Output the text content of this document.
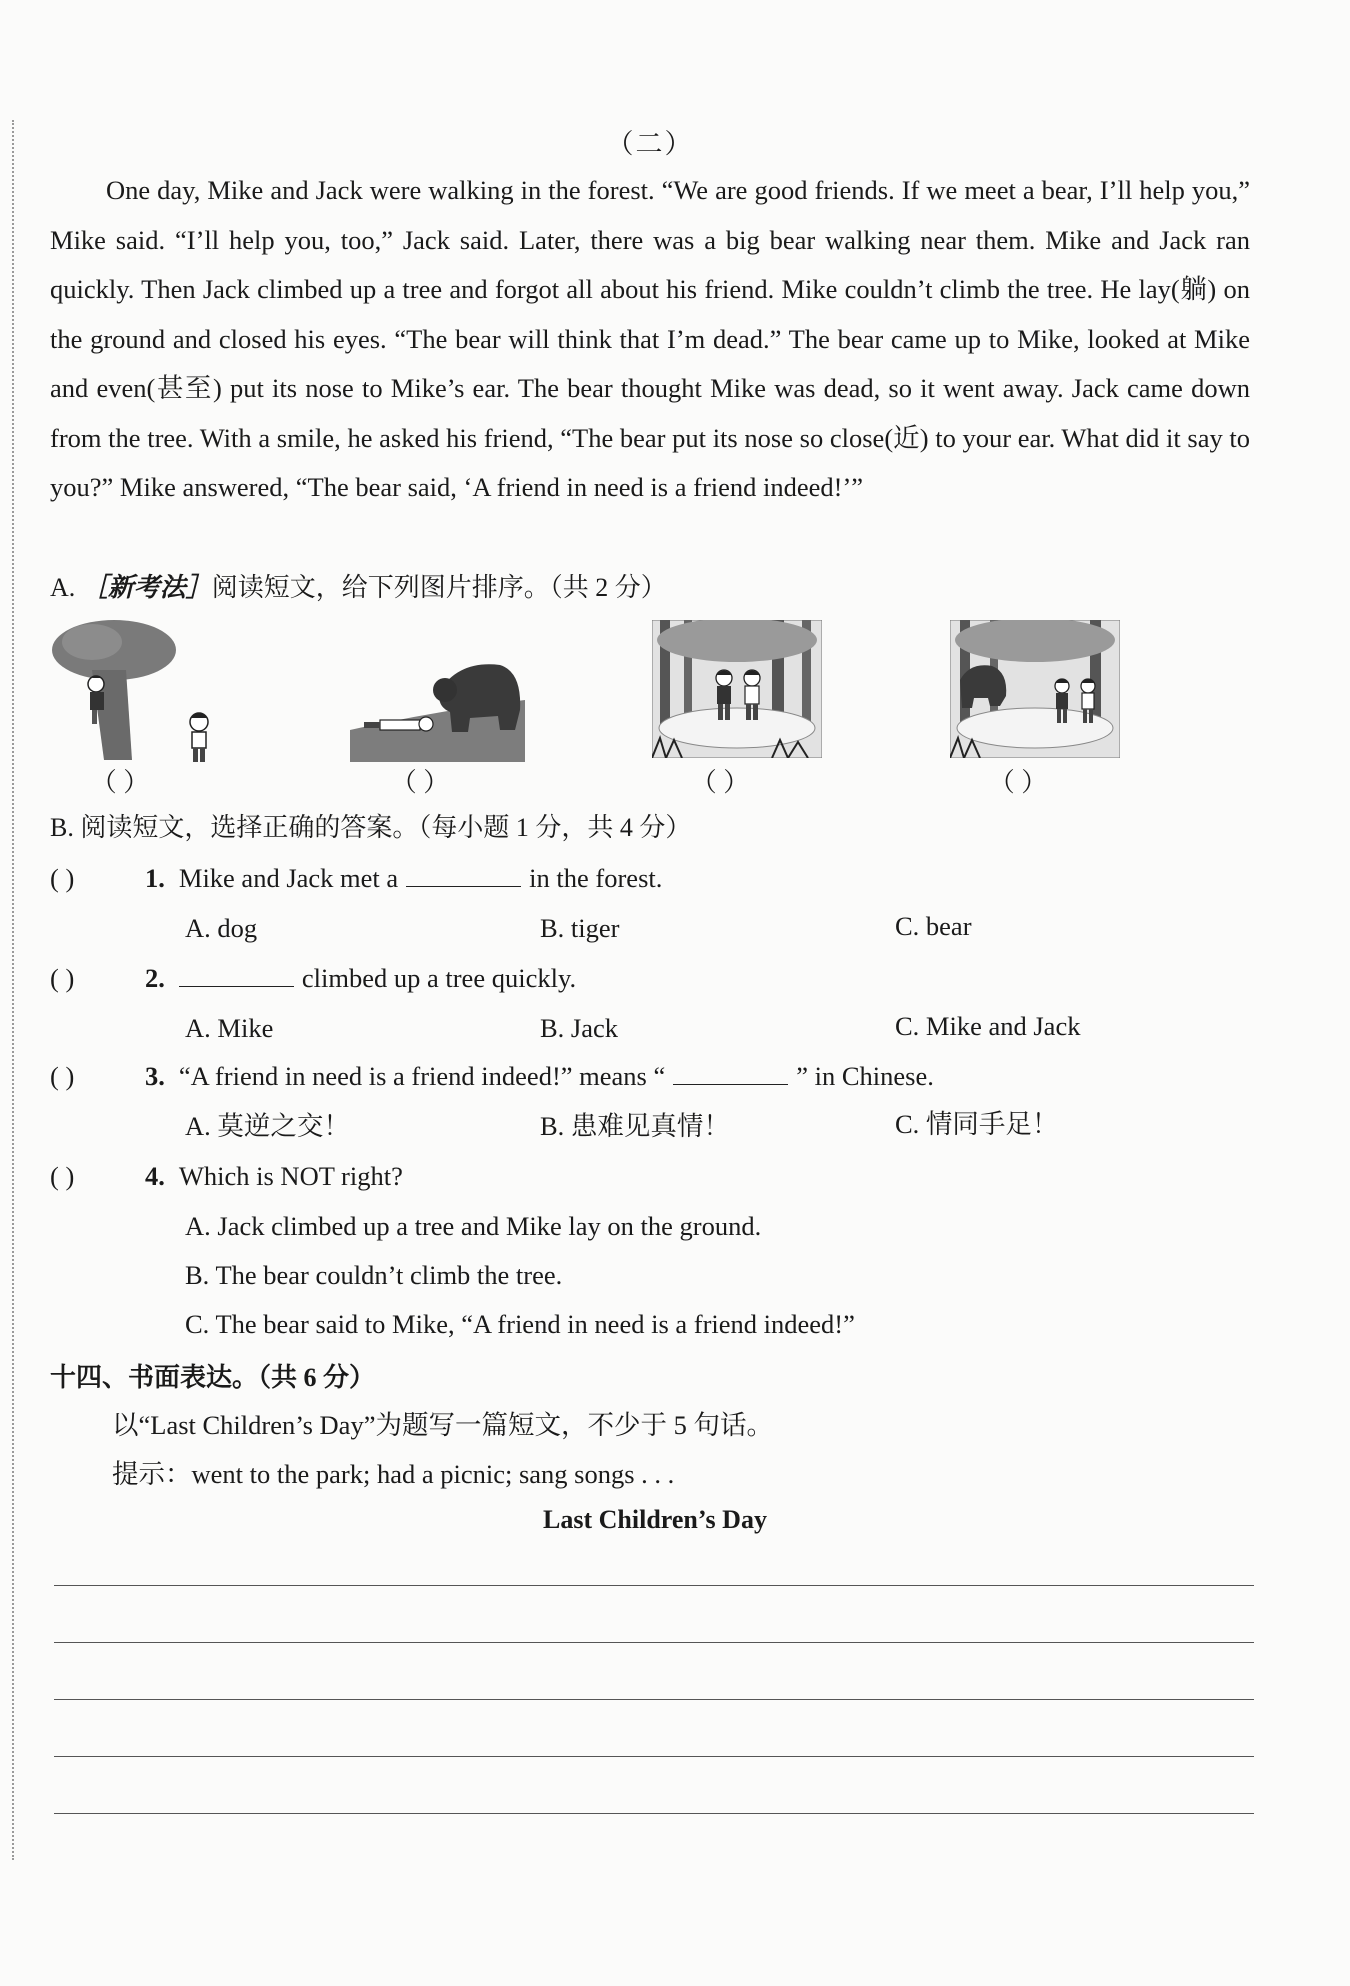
（二）
One day, Mike and Jack were walking in the forest. “We are good friends. If we meet a bear, I’ll help you,” Mike said. “I’ll help you, too,” Jack said. Later, there was a big bear walking near them. Mike and Jack ran quickly. Then Jack climbed up a tree and forgot all about his friend. Mike couldn’t climb the tree. He lay(躺) on the ground and closed his eyes. “The bear will think that I’m dead.” The bear came up to Mike, looked at Mike and even(甚至) put its nose to Mike’s ear. The bear thought Mike was dead, so it went away. Jack came down from the tree. With a smile, he asked his friend, “The bear put its nose so close(近) to your ear. What did it say to you?” Mike answered, “The bear said, ‘A friend in need is a friend indeed!’”
A. ［新考法］阅读短文，给下列图片排序。（共 2 分）
（ ）	（ ）	（ ）	（ ）
B. 阅读短文，选择正确的答案。（每小题 1 分，共 4 分）
( )	1. Mike and Jack met a	in the forest.
A. dog	B. tiger	C. bear
( )	2.	climbed up a tree quickly.
A. Mike	B. Jack	C. Mike and Jack
( )	3. “A friend in need is a friend indeed!” means “	” in Chinese.
A. 莫逆之交！	B. 患难见真情！	C. 情同手足！
( )	4. Which is NOT right?
A. Jack climbed up a tree and Mike lay on the ground.
B. The bear couldn’t climb the tree.
C. The bear said to Mike, “A friend in need is a friend indeed!”
十四、书面表达。（共 6 分）
以“Last Children’s Day”为题写一篇短文，不少于 5 句话。
提示：went to the park; had a picnic; sang songs . . .
Last Children’s Day
